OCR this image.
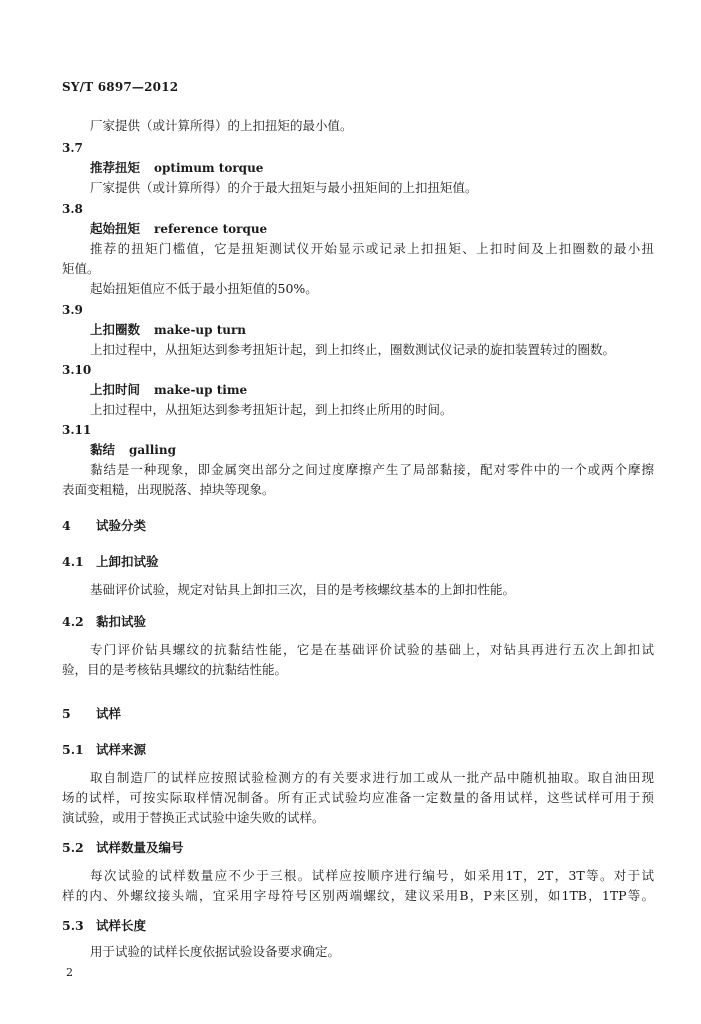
SY/T 6897—2012
厂家提供（或计算所得）的上扣扭矩的最小值。
3.7
推荐扭矩 optimum torque
厂家提供（或计算所得）的介于最大扭矩与最小扭矩间的上扣扭矩值。
3.8
起始扭矩 reference torque
推荐的扭矩门槛值，它是扭矩测试仪开始显示或记录上扣扭矩、上扣时间及上扣圈数的最小扭
矩值。
起始扭矩值应不低于最小扭矩值的50%。
3.9
上扣圈数 make-up turn
上扣过程中，从扭矩达到参考扭矩计起，到上扣终止，圈数测试仪记录的旋扣装置转过的圈数。
3.10
上扣时间 make-up time
上扣过程中，从扭矩达到参考扭矩计起，到上扣终止所用的时间。
3.11
黏结 galling
黏结是一种现象，即金属突出部分之间过度摩擦产生了局部黏接，配对零件中的一个或两个摩擦
表面变粗糙，出现脱落、掉块等现象。
4 试验分类
4.1 上卸扣试验
基础评价试验，规定对钻具上卸扣三次，目的是考核螺纹基本的上卸扣性能。
4.2 黏扣试验
专门评价钻具螺纹的抗黏结性能，它是在基础评价试验的基础上，对钻具再进行五次上卸扣试
验，目的是考核钻具螺纹的抗黏结性能。
5 试样
5.1 试样来源
取自制造厂的试样应按照试验检测方的有关要求进行加工或从一批产品中随机抽取。取自油田现
场的试样，可按实际取样情况制备。所有正式试验均应准备一定数量的备用试样，这些试样可用于预
演试验，或用于替换正式试验中途失败的试样。
5.2 试样数量及编号
每次试验的试样数量应不少于三根。试样应按顺序进行编号，如采用1T，2T，3T等。对于试
样的内、外螺纹接头端，宜采用字母符号区别两端螺纹，建议采用B，P来区别，如1TB，1TP等。
5.3 试样长度
用于试验的试样长度依据试验设备要求确定。
2
